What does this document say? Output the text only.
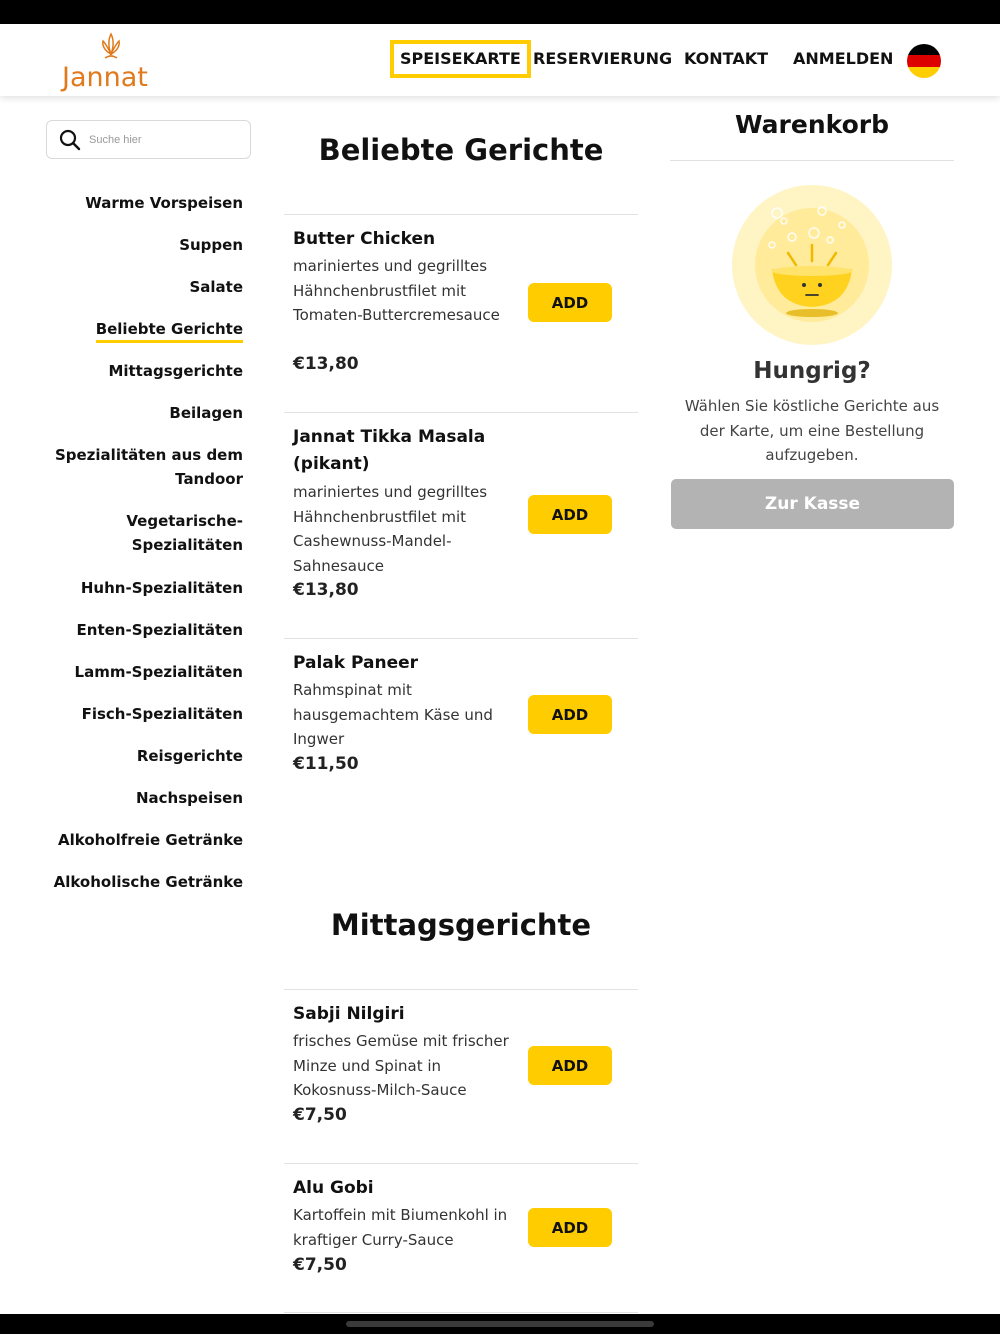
Jannat
SPEISEKARTE RESERVIERUNG KONTAKT ANMELDEN
Suche hier
Warme Vorspeisen
Suppen
Salate
Beliebte Gerichte
Mittagsgerichte
Beilagen
Spezialitäten aus dem Tandoor
Vegetarische-Spezialitäten
Huhn-Spezialitäten
Enten-Spezialitäten
Lamm-Spezialitäten
Fisch-Spezialitäten
Reisgerichte
Nachspeisen
Alkoholfreie Getränke
Alkoholische Getränke
Beliebte Gerichte
Butter Chicken
mariniertes und gegrilltes Hähnchenbrustfilet mit Tomaten-Buttercremesauce
€13,80
ADD
Jannat Tikka Masala (pikant)
mariniertes und gegrilltes Hähnchenbrustfilet mit Cashewnuss-Mandel-Sahnesauce
€13,80
ADD
Palak Paneer
Rahmspinat mit hausgemachtem Käse und Ingwer
€11,50
ADD
Mittagsgerichte
Sabji Nilgiri
frisches Gemüse mit frischer Minze und Spinat in Kokosnuss-Milch-Sauce
€7,50
ADD
Alu Gobi
Kartoffein mit Biumenkohl in kraftiger Curry-Sauce
€7,50
ADD
Warenkorb
Hungrig?
Wählen Sie köstliche Gerichte aus der Karte, um eine Bestellung aufzugeben.
Zur Kasse
